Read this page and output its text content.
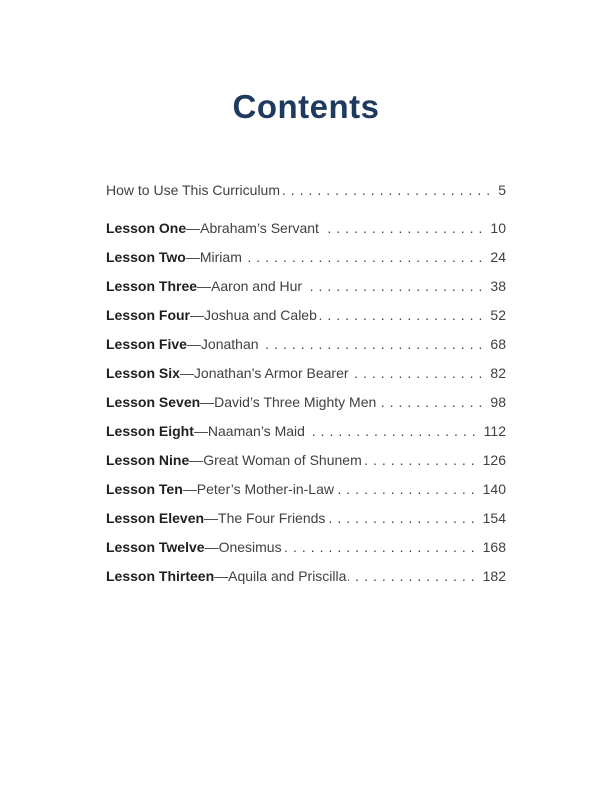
Contents
How to Use This Curriculum .....	5
Lesson One —Abraham’s Servant .....	10
Lesson Two —Miriam .....	24
Lesson Three —Aaron and Hur .....	38
Lesson Four —Joshua and Caleb .....	52
Lesson Five —Jonathan .....	68
Lesson Six —Jonathan’s Armor Bearer .....	82
Lesson Seven —David’s Three Mighty Men .....	98
Lesson Eight —Naaman’s Maid .....	112
Lesson Nine —Great Woman of Shunem .....	126
Lesson Ten —Peter’s Mother-in-Law .....	140
Lesson Eleven —The Four Friends .....	154
Lesson Twelve —Onesimus .....	168
Lesson Thirteen —Aquila and Priscilla .....	182
